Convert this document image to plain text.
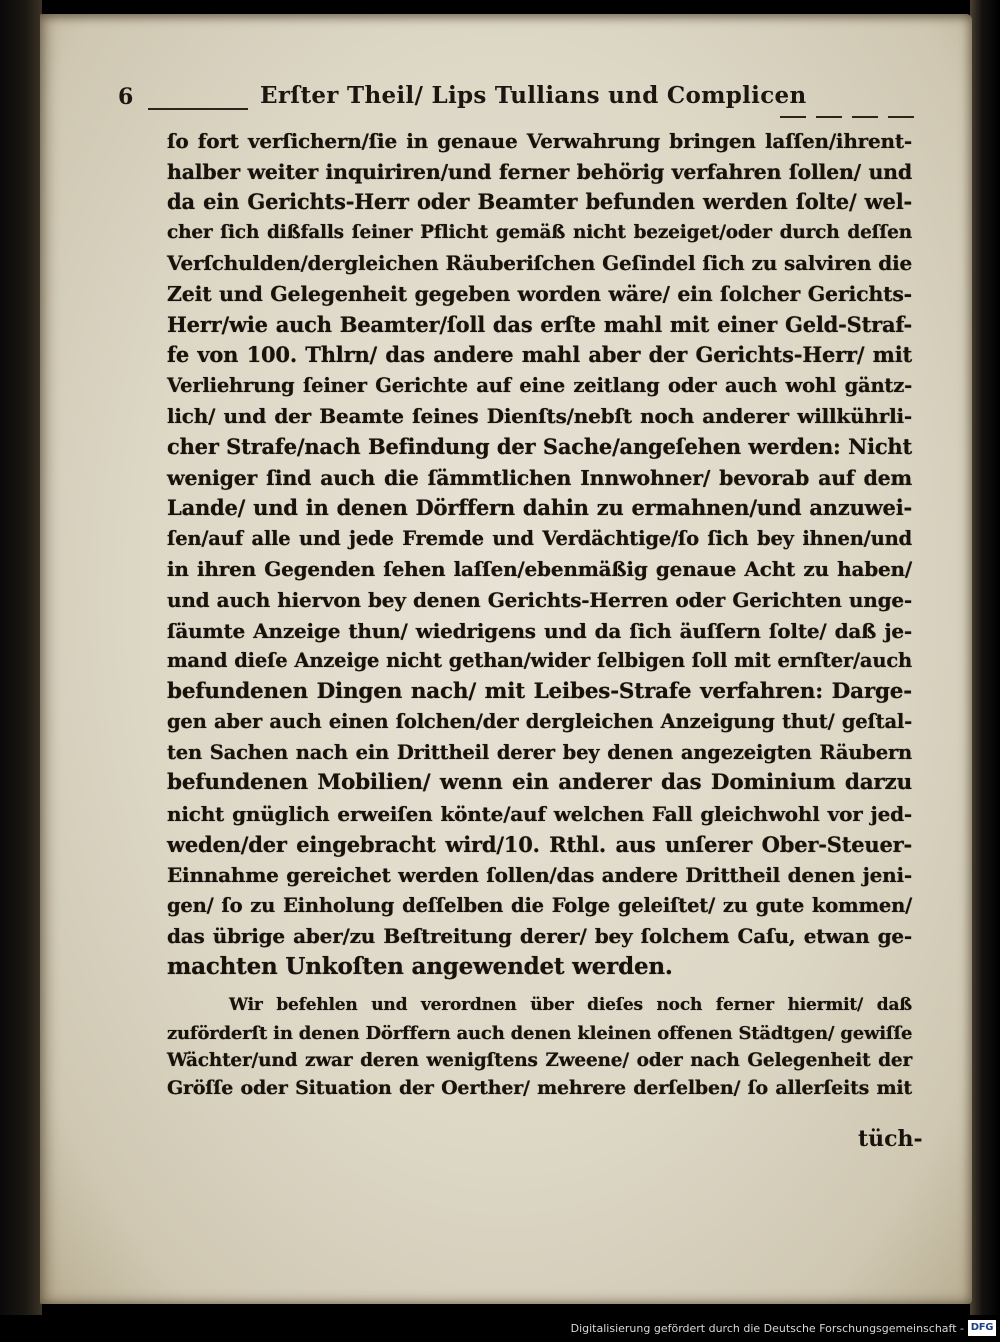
6	Erſter Theil/ Lips Tullians und Complicen
ſo fort verſichern/ſie in genaue Verwahrung bringen laſſen/ihrent-
halber weiter inquiriren/und ferner behörig verfahren ſollen/ und
da ein Gerichts-Herr oder Beamter befunden werden ſolte/ wel-
cher ſich dißfalls ſeiner Pflicht gemäß nicht bezeiget/oder durch deſſen
Verſchulden/dergleichen Räuberiſchen Geſindel ſich zu salviren die
Zeit und Gelegenheit gegeben worden wäre/ ein ſolcher Gerichts-
Herr/wie auch Beamter/ſoll das erſte mahl mit einer Geld-Straf-
fe von 100. Thlrn/ das andere mahl aber der Gerichts-Herr/ mit
Verliehrung ſeiner Gerichte auf eine zeitlang oder auch wohl gäntz-
lich/ und der Beamte ſeines Dienſts/nebſt noch anderer willkührli-
cher Strafe/nach Befindung der Sache/angeſehen werden: Nicht
weniger ſind auch die ſämmtlichen Innwohner/ bevorab auf dem
Lande/ und in denen Dörffern dahin zu ermahnen/und anzuwei-
ſen/auf alle und jede Fremde und Verdächtige/ſo ſich bey ihnen/und
in ihren Gegenden ſehen laſſen/ebenmäßig genaue Acht zu haben/
und auch hiervon bey denen Gerichts-Herren oder Gerichten unge-
ſäumte Anzeige thun/ wiedrigens und da ſich äuſſern ſolte/ daß je-
mand dieſe Anzeige nicht gethan/wider ſelbigen ſoll mit ernſter/auch
befundenen Dingen nach/ mit Leibes-Strafe verfahren: Darge-
gen aber auch einen ſolchen/der dergleichen Anzeigung thut/ geſtal-
ten Sachen nach ein Drittheil derer bey denen angezeigten Räubern
befundenen Mobilien/ wenn ein anderer das Dominium darzu
nicht gnüglich erweiſen könte/auf welchen Fall gleichwohl vor jed-
weden/der eingebracht wird/10. Rthl. aus unſerer Ober-Steuer-
Einnahme gereichet werden ſollen/das andere Drittheil denen jeni-
gen/ ſo zu Einholung deſſelben die Folge geleiſtet/ zu gute kommen/
das übrige aber/zu Beſtreitung derer/ bey ſolchem Caſu, etwan ge-
machten Unkoſten angewendet werden.
Wir befehlen und verordnen über dieſes noch ferner hiermit/ daß
zuförderſt in denen Dörffern auch denen kleinen offenen Städtgen/ gewiſſe
Wächter/und zwar deren wenigſtens Zweene/ oder nach Gelegenheit der
Gröſſe oder Situation der Oerther/ mehrere derſelben/ ſo allerſeits mit
tüch-
Digitalisierung gefördert durch die Deutsche Forschungsgemeinschaft - DFG
